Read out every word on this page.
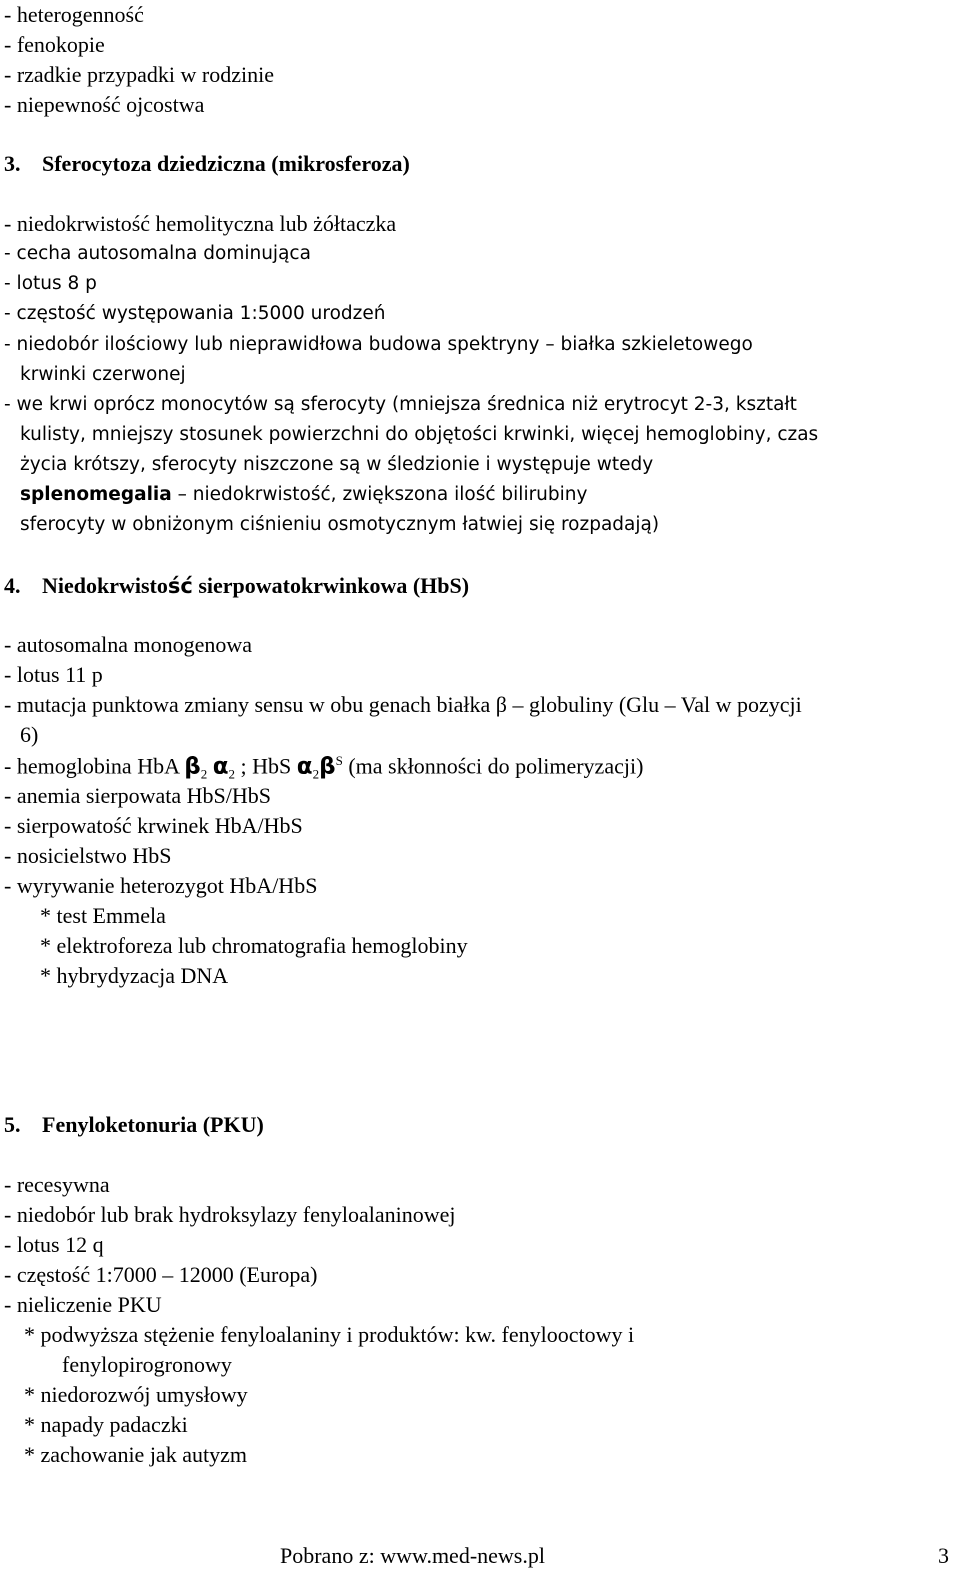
- heterogenność
- fenokopie
- rzadkie przypadki w rodzinie
- niepewność ojcostwa
3. Sferocytoza dziedziczna (mikrosferoza)
- niedokrwistość hemolityczna lub żółtaczka
- cecha autosomalna dominująca
- lotus 8 p
- częstość występowania 1:5000 urodzeń
- niedobór ilościowy lub nieprawidłowa budowa spektryny – białka szkieletowego
krwinki czerwonej
- we krwi oprócz monocytów są sferocyty (mniejsza średnica niż erytrocyt 2-3, kształt
kulisty, mniejszy stosunek powierzchni do objętości krwinki, więcej hemoglobiny, czas
życia krótszy, sferocyty niszczone są w śledzionie i występuje wtedy
splenomegalia – niedokrwistość, zwiększona ilość bilirubiny
sferocyty w obniżonym ciśnieniu osmotycznym łatwiej się rozpadają)
4. Niedokrwistość sierpowatokrwinkowa (HbS)
- autosomalna monogenowa
- lotus 11 p
- mutacja punktowa zmiany sensu w obu genach białka β – globuliny (Glu – Val w pozycji
6)
- hemoglobina HbA $\beta_2$ $\alpha_2$ ; HbS $\alpha_2\beta^S$ (ma skłonności do polimeryzacji)
- anemia sierpowata HbS/HbS
- sierpowatość krwinek HbA/HbS
- nosicielstwo HbS
- wyrywanie heterozygot HbA/HbS
* test Emmela
* elektroforeza lub chromatografia hemoglobiny
* hybrydyzacja DNA
5. Fenyloketonuria (PKU)
- recesywna
- niedobór lub brak hydroksylazy fenyloalaninowej
- lotus 12 q
- częstość 1:7000 – 12000 (Europa)
- nieliczenie PKU
* podwyższa stężenie fenyloalaniny i produktów: kw. fenylooctowy i
fenylopirogronowy
* niedorozwój umysłowy
* napady padaczki
* zachowanie jak autyzm
Pobrano z: www.med-news.pl	3
